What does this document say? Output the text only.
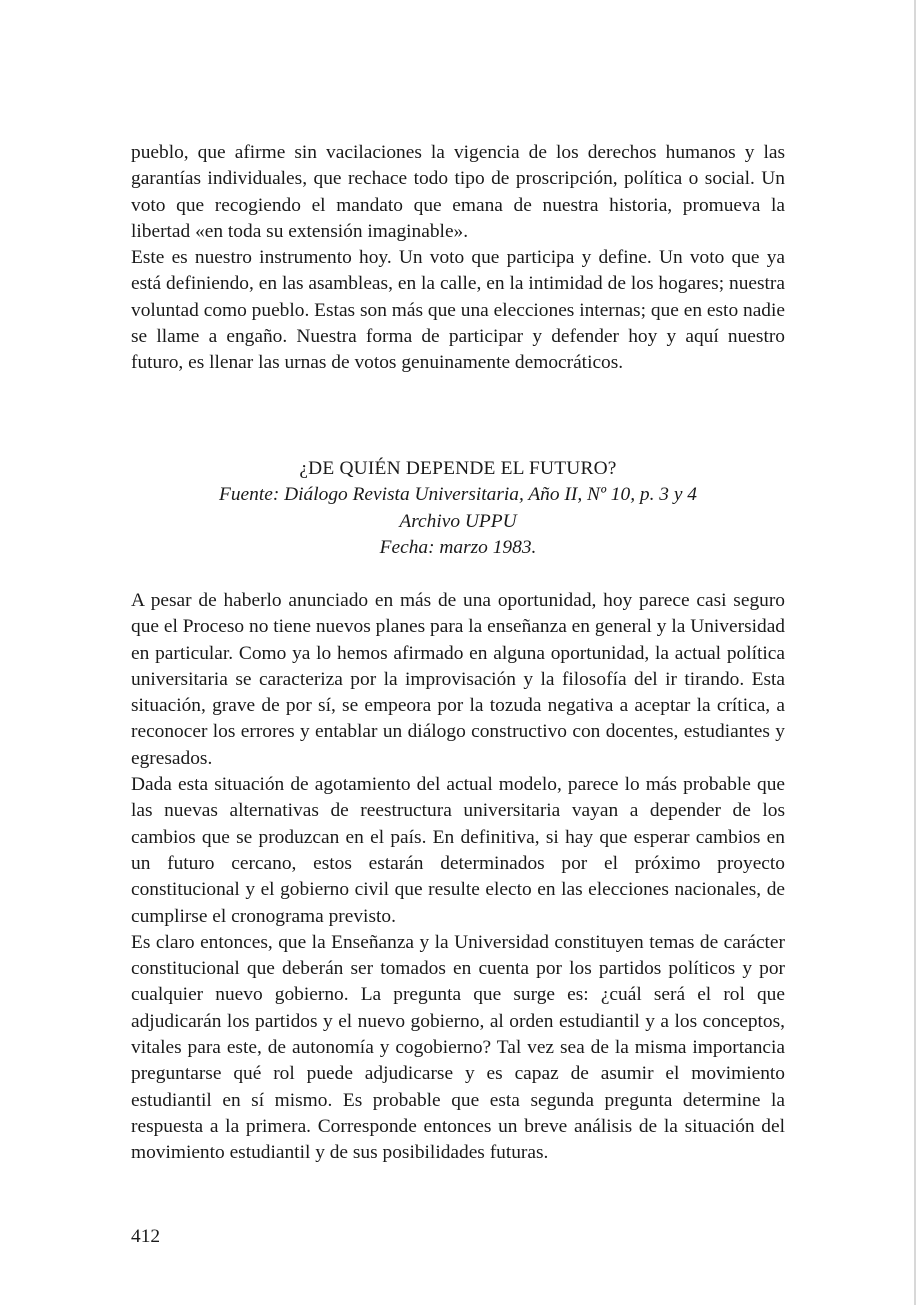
pueblo, que afirme sin vacilaciones la vigencia de los derechos humanos y las garantías individuales, que rechace todo tipo de proscripción, política o social. Un voto que recogiendo el mandato que emana de nuestra historia, promueva la libertad «en toda su extensión imaginable».

Este es nuestro instrumento hoy. Un voto que participa y define. Un voto que ya está definiendo, en las asambleas, en la calle, en la intimidad de los hogares; nuestra voluntad como pueblo. Estas son más que una elecciones internas; que en esto nadie se llame a engaño. Nuestra forma de participar y defender hoy y aquí nuestro futuro, es llenar las urnas de votos genuinamente democráticos.

¿DE QUIÉN DEPENDE EL FUTURO?
Fuente: Diálogo Revista Universitaria, Año II, Nº 10, p. 3 y 4
Archivo UPPU
Fecha: marzo 1983.

A pesar de haberlo anunciado en más de una oportunidad, hoy parece casi seguro que el Proceso no tiene nuevos planes para la enseñanza en general y la Universidad en particular. Como ya lo hemos afirmado en alguna oportunidad, la actual política universitaria se caracteriza por la improvisación y la filosofía del ir tirando. Esta situación, grave de por sí, se empeora por la tozuda negativa a aceptar la crítica, a reconocer los errores y entablar un diálogo constructivo con docentes, estudiantes y egresados.

Dada esta situación de agotamiento del actual modelo, parece lo más probable que las nuevas alternativas de reestructura universitaria vayan a depender de los cambios que se produzcan en el país. En definitiva, si hay que esperar cambios en un futuro cercano, estos estarán determinados por el próximo proyecto constitucional y el gobierno civil que resulte electo en las elecciones nacionales, de cumplirse el cronograma previsto.

Es claro entonces, que la Enseñanza y la Universidad constituyen temas de carácter constitucional que deberán ser tomados en cuenta por los partidos políticos y por cualquier nuevo gobierno. La pregunta que surge es: ¿cuál será el rol que adjudicarán los partidos y el nuevo gobierno, al orden estudiantil y a los conceptos, vitales para este, de autonomía y cogobierno? Tal vez sea de la misma importancia preguntarse qué rol puede adjudicarse y es capaz de asumir el movimiento estudiantil en sí mismo. Es probable que esta segunda pregunta determine la respuesta a la primera. Corresponde entonces un breve análisis de la situación del movimiento estudiantil y de sus posibilidades futuras.

412
